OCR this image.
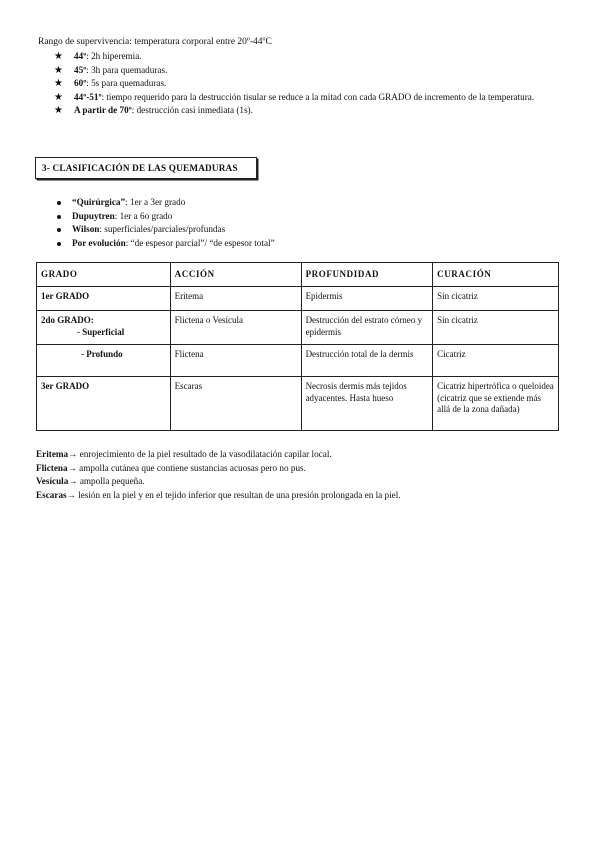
Rango de supervivencia: temperatura corporal entre 20º-44ºC
★ 44º: 2h hiperemia.
★ 45º: 3h para quemaduras.
★ 60º: 5s para quemaduras.
★ 44º-51º: tiempo requerido para la destrucción tisular se reduce a la mitad con cada GRADO de incremento de la temperatura.
★ A partir de 70º: destrucción casi inmediata (1s).
3- CLASIFICACIÓN DE LAS QUEMADURAS
“Quirúrgica”: 1er a 3er grado
Dupuytren: 1er a 6o grado
Wilson: superficiales/parciales/profundas
Por evolución: “de espesor parcial”/ “de espesor total”
GRADO	ACCIÓN	PROFUNDIDAD	CURACIÓN
1er GRADO	Eritema	Epidermis	Sin cicatriz
2do GRADO:
- Superficial	Flictena o Vesícula	Destrucción del estrato córneo y epidermis	Sin cicatriz
- Profundo	Flictena	Destrucción total de la dermis	Cicatriz
3er GRADO	Escaras	Necrosis dermis más tejidos adyacentes. Hasta hueso	Cicatriz hipertrófica o queloidea (cicatriz que se extiende más allá de la zona dañada)
Eritema→ enrojecimiento de la piel resultado de la vasodilatación capilar local.
Flictena→ ampolla cutánea que contiene sustancias acuosas pero no pus.
Vesícula→ ampolla pequeña.
Escaras→ lesión en la piel y en el tejido inferior que resultan de una presión prolongada en la piel.
